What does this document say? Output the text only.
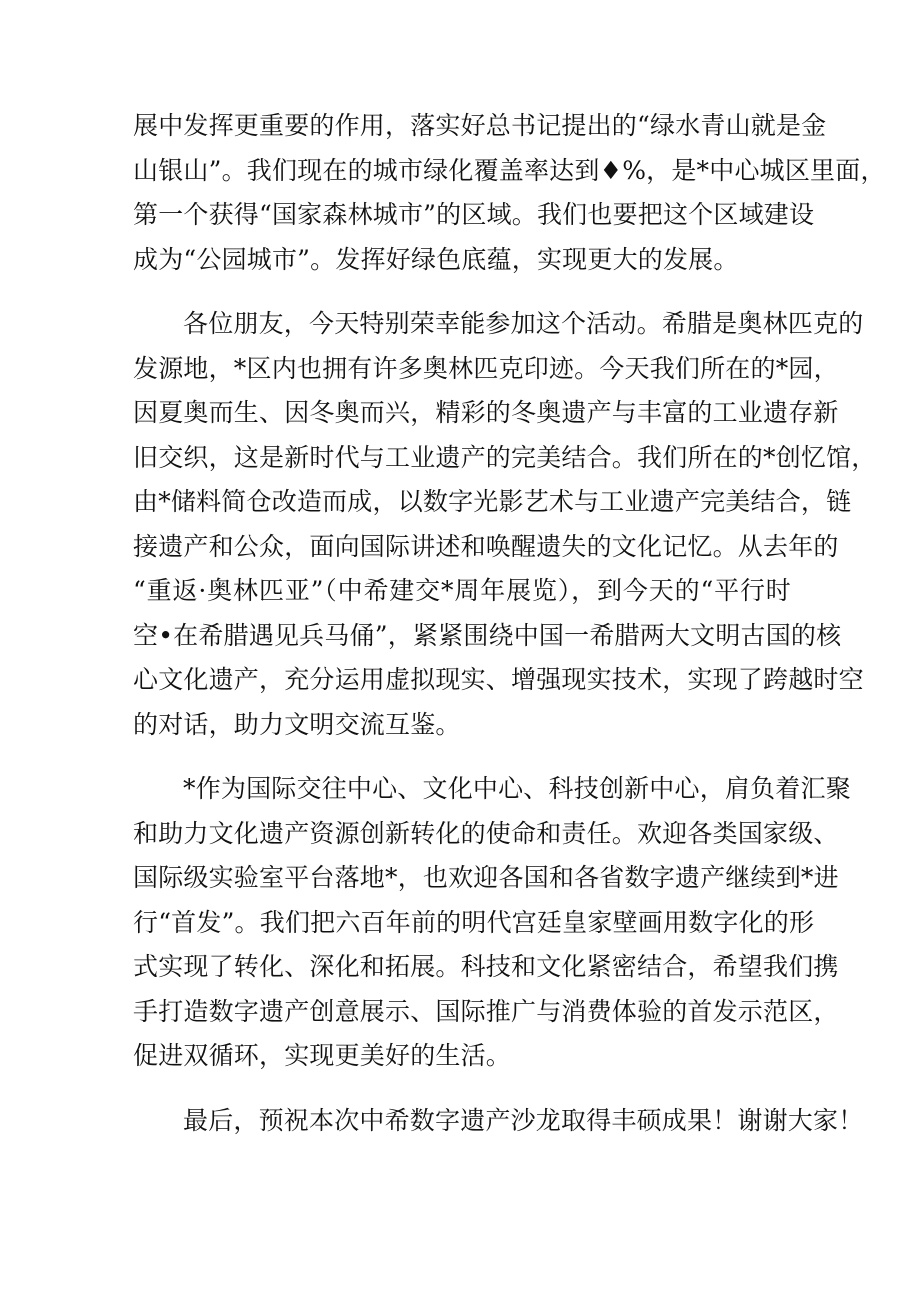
展中发挥更重要的作用，落实好总书记提出的“绿水青山就是金
山银山”。我们现在的城市绿化覆盖率达到♦%，是*中心城区里面，
第一个获得“国家森林城市”的区域。我们也要把这个区域建设
成为“公园城市”。发挥好绿色底蕴，实现更大的发展。
各位朋友，今天特别荣幸能参加这个活动。希腊是奥林匹克的
发源地，*区内也拥有许多奥林匹克印迹。今天我们所在的*园，
因夏奥而生、因冬奥而兴，精彩的冬奥遗产与丰富的工业遗存新
旧交织，这是新时代与工业遗产的完美结合。我们所在的*创忆馆，
由*储料简仓改造而成，以数字光影艺术与工业遗产完美结合，链
接遗产和公众，面向国际讲述和唤醒遗失的文化记忆。从去年的
“重返·奥林匹亚”（中希建交*周年展览），到今天的“平行时
空•在希腊遇见兵马俑”，紧紧围绕中国一希腊两大文明古国的核
心文化遗产，充分运用虚拟现实、增强现实技术，实现了跨越时空
的对话，助力文明交流互鉴。
*作为国际交往中心、文化中心、科技创新中心，肩负着汇聚
和助力文化遗产资源创新转化的使命和责任。欢迎各类国家级、
国际级实验室平台落地*，也欢迎各国和各省数字遗产继续到*进
行“首发”。我们把六百年前的明代宫廷皇家壁画用数字化的形
式实现了转化、深化和拓展。科技和文化紧密结合，希望我们携
手打造数字遗产创意展示、国际推广与消费体验的首发示范区，
促进双循环，实现更美好的生活。
最后，预祝本次中希数字遗产沙龙取得丰硕成果！谢谢大家！
